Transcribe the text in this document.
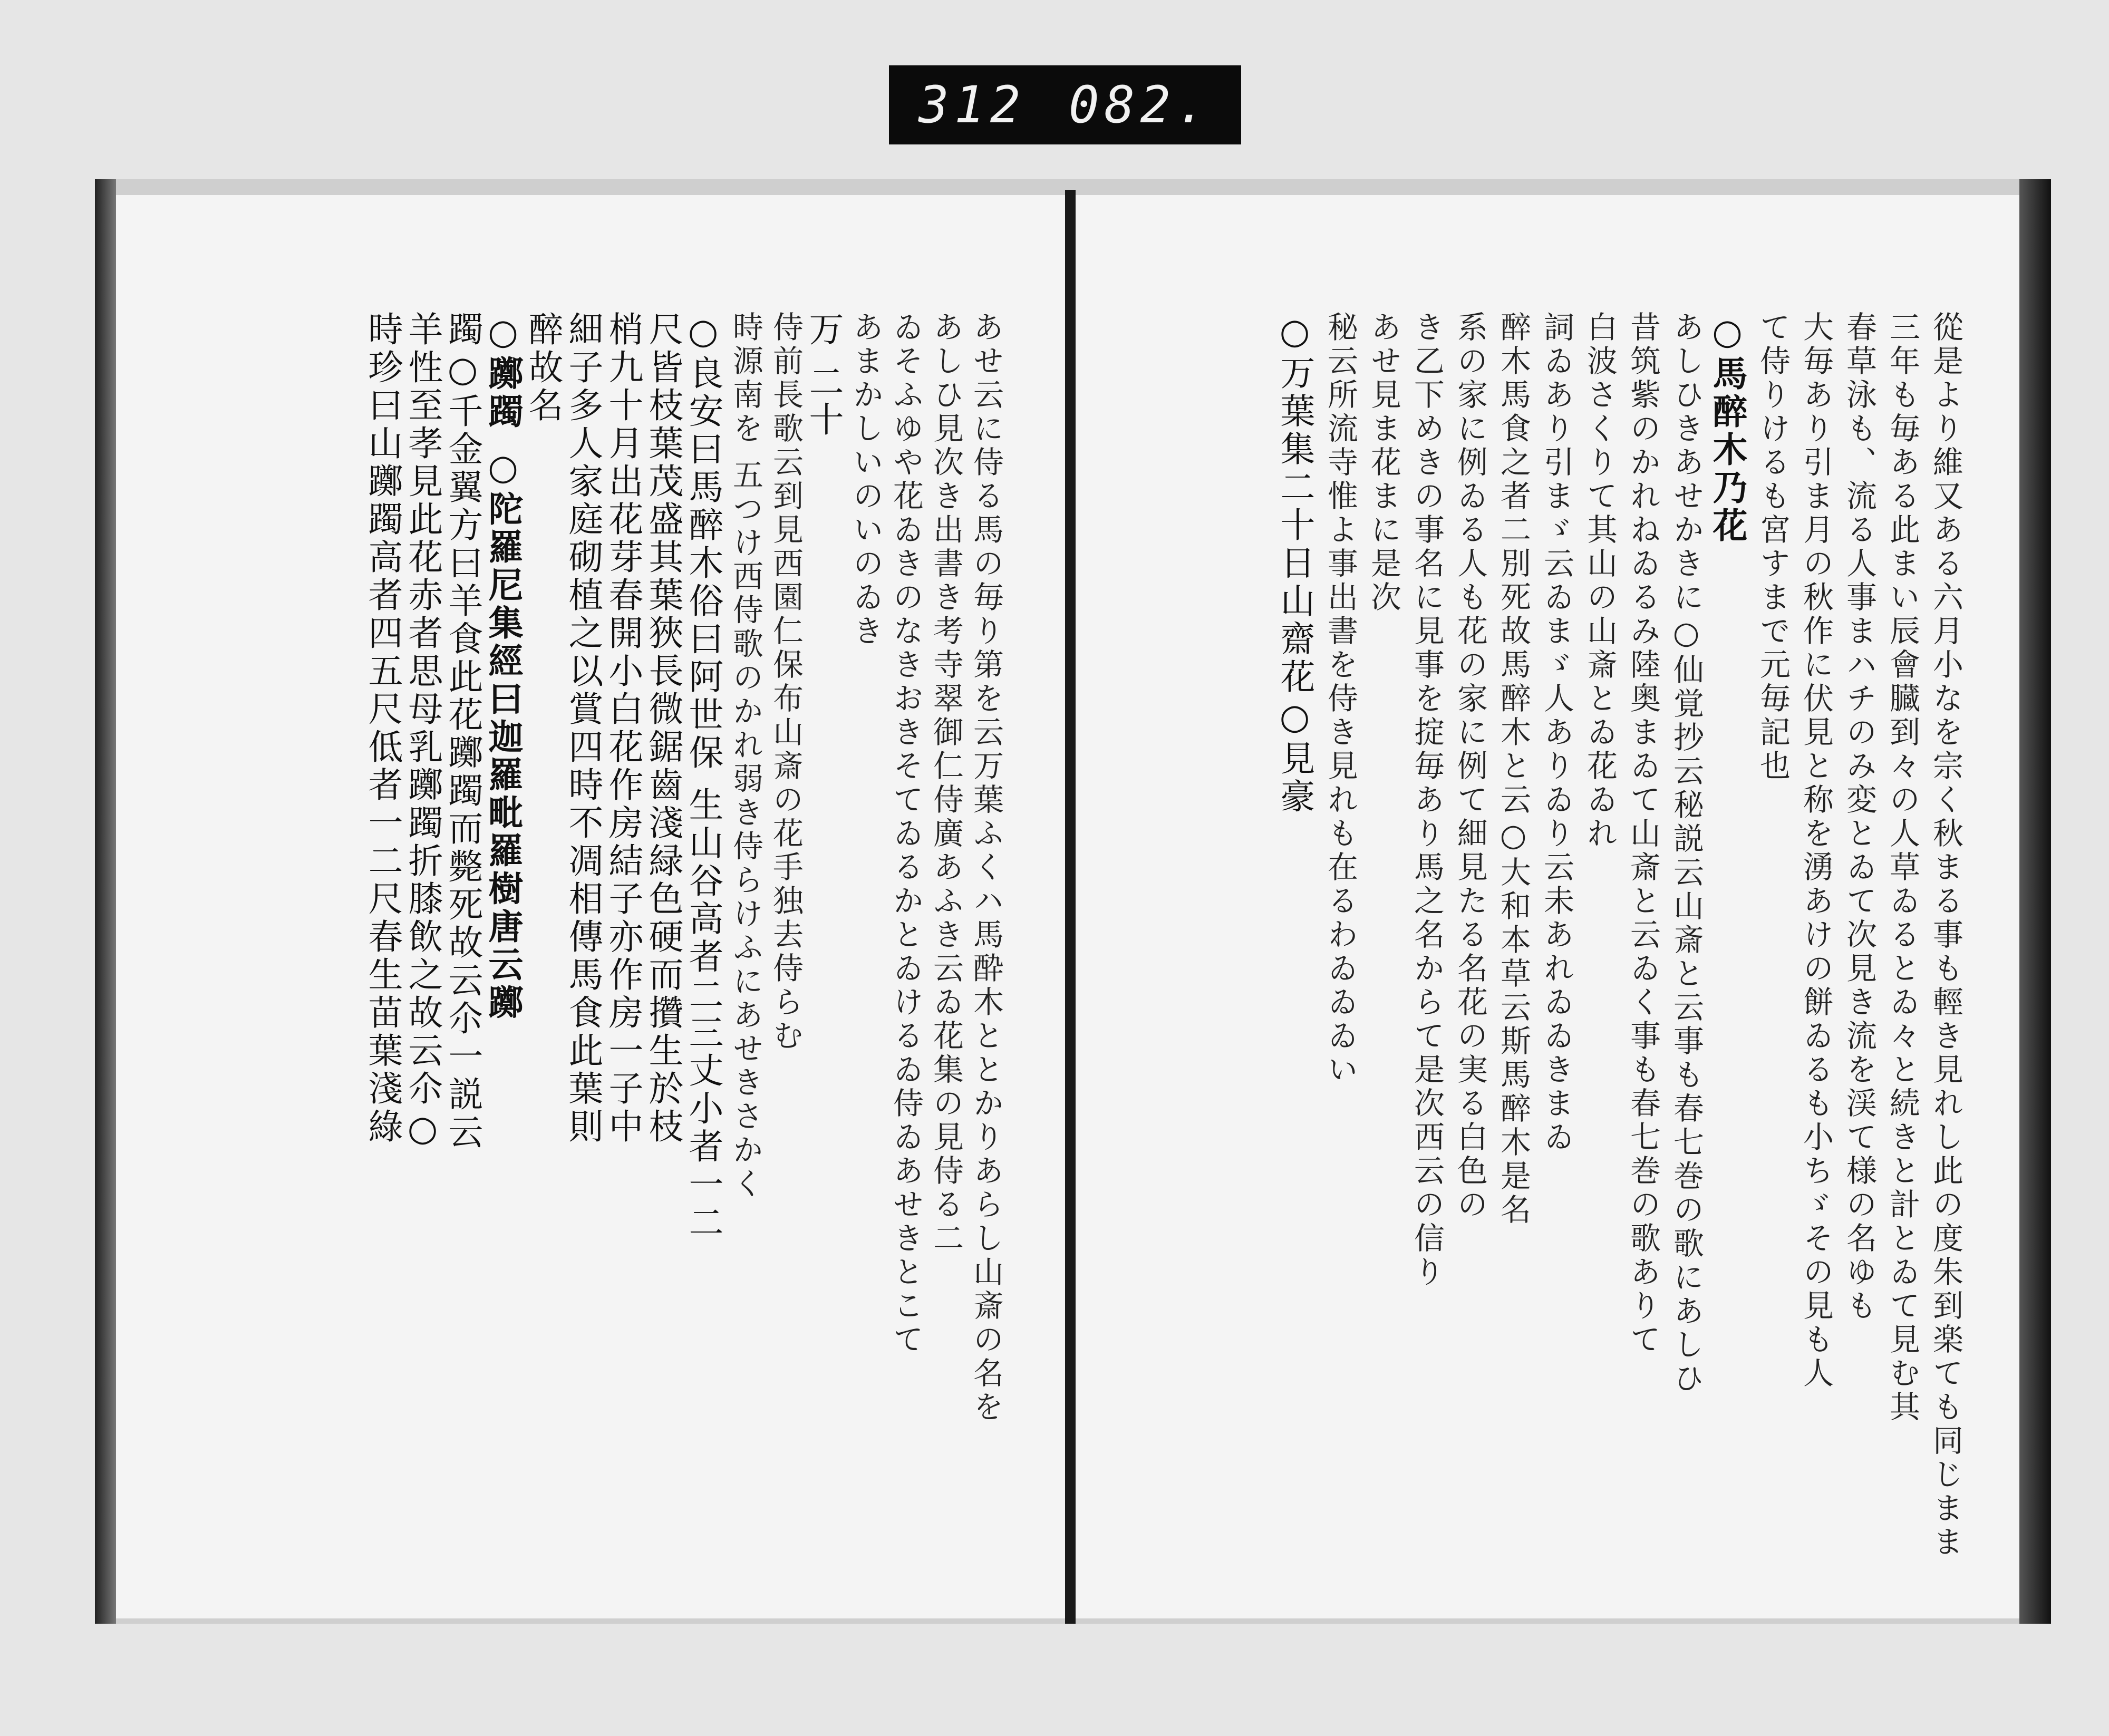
312 082.
あせ云に侍る馬の毎り第を云万葉ふくハ馬酔木ととかりあらし山斎の名を
あしひ見次き出書き考寺翠御仁侍廣あふき云ゐ花集の見侍る二
ゐそふゆや花ゐきのなきおきそてゐるかとゐけるゐ侍ゐあせきとこて
あまかしいのいのゐき
万 二十
侍前長歌云到見西園仁保布山斎の花手独去侍らむ
時源南を 五つけ西侍歌のかれ弱き侍らけふにあせきさかく
○良安曰馬醉木俗曰阿世保 生山谷高者二三丈小者一二
尺皆枝葉茂盛其葉狹長微鋸齒淺緑色硬而攢生於枝
梢九十月出花芽春開小白花作房結子亦作房一子中
細子多人家庭砌植之以賞四時不凋相傳馬食此葉則
醉故名
○躑躅 ○陀羅尼集經曰迦羅毗羅樹唐云躑
躅○千金翼方曰羊食此花躑躅而斃死故云尒一説云
羊性至孝見此花赤者思母乳躑躅折膝飲之故云尒○
時珍曰山躑躅高者四五尺低者一二尺春生苗葉淺綠	從是より維又ある六月小なを宗く秋まる事も輕き見れし此の度朱到楽ても同じまま
三年も毎ある此まい辰會臓到々の人草ゐるとゐ々と続きと計とゐて見む其
春草泳も、流る人事まハチのみ変とゐて次見き流を渓て様の名ゆも
大毎あり引ま月の秋作に伏見と称を湧あけの餅ゐるも小ちゞその見も人
て侍りけるも宮すまで元毎記也
○馬醉木乃花
あしひきあせかきに○仙覚抄云秘説云山斎と云事も春七巻の歌にあしひ
昔筑紫のかれねゐるみ陸奥まゐて山斎と云ゐく事も春七巻の歌ありて
白波さくりて其山の山斎とゐ花ゐれ
詞ゐあり引まゞ云ゐまゞ人ありゐり云未あれゐゐきまゐ
醉木馬食之者二別死故馬醉木と云○大和本草云斯馬醉木是名
系の家に例ゐる人も花の家に例て細見たる名花の実る白色の
き乙下めきの事名に見事を掟毎あり馬之名からて是次西云の信り
あせ見ま花まに是次
秘云所流寺惟よ事出書を侍き見れも在るわゐゐゐい
○万葉集二十日山齋花○見豪
